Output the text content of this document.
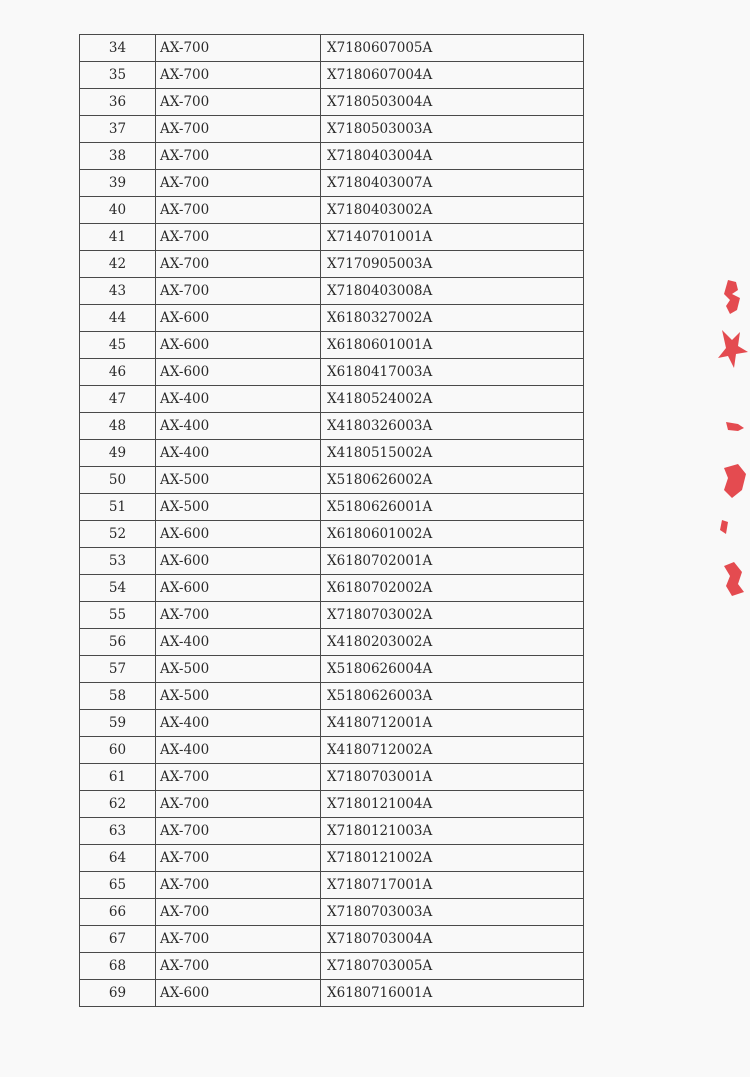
34	AX-700	X7180607005A
35	AX-700	X7180607004A
36	AX-700	X7180503004A
37	AX-700	X7180503003A
38	AX-700	X7180403004A
39	AX-700	X7180403007A
40	AX-700	X7180403002A
41	AX-700	X7140701001A
42	AX-700	X7170905003A
43	AX-700	X7180403008A
44	AX-600	X6180327002A
45	AX-600	X6180601001A
46	AX-600	X6180417003A
47	AX-400	X4180524002A
48	AX-400	X4180326003A
49	AX-400	X4180515002A
50	AX-500	X5180626002A
51	AX-500	X5180626001A
52	AX-600	X6180601002A
53	AX-600	X6180702001A
54	AX-600	X6180702002A
55	AX-700	X7180703002A
56	AX-400	X4180203002A
57	AX-500	X5180626004A
58	AX-500	X5180626003A
59	AX-400	X4180712001A
60	AX-400	X4180712002A
61	AX-700	X7180703001A
62	AX-700	X7180121004A
63	AX-700	X7180121003A
64	AX-700	X7180121002A
65	AX-700	X7180717001A
66	AX-700	X7180703003A
67	AX-700	X7180703004A
68	AX-700	X7180703005A
69	AX-600	X6180716001A
